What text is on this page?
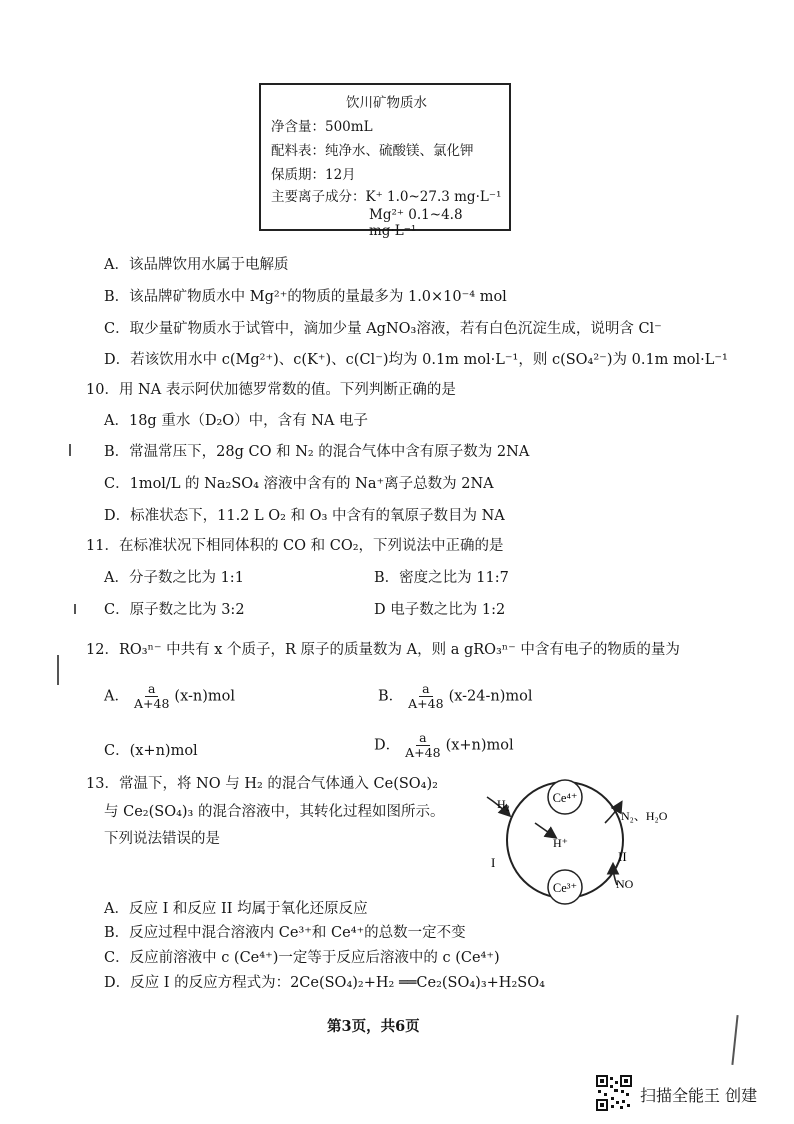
饮川矿物质水
净含量：500mL
配料表：纯净水、硫酸镁、氯化钾
保质期：12月
主要离子成分：K⁺ 1.0~27.3 mg·L⁻¹
Mg²⁺ 0.1~4.8 mg·L⁻¹
A．该品牌饮用水属于电解质
B．该品牌矿物质水中 Mg²⁺的物质的量最多为 1.0×10⁻⁴ mol
C．取少量矿物质水于试管中，滴加少量 AgNO₃溶液，若有白色沉淀生成，说明含 Cl⁻
D．若该饮用水中 c(Mg²⁺)、c(K⁺)、c(Cl⁻)均为 0.1m mol·L⁻¹，则 c(SO₄²⁻)为 0.1m mol·L⁻¹
10．用 NA 表示阿伏加德罗常数的值。下列判断正确的是
A．18g 重水（D₂O）中，含有 NA 电子
B．常温常压下，28g CO 和 N₂ 的混合气体中含有原子数为 2NA
C．1mol/L 的 Na₂SO₄ 溶液中含有的 Na⁺离子总数为 2NA
D．标准状态下，11.2 L O₂ 和 O₃ 中含有的氧原子数目为 NA
11．在标准状况下相同体积的 CO 和 CO₂，下列说法中正确的是
A．分子数之比为 1:1	B．密度之比为 11:7
C．原子数之比为 3:2	D 电子数之比为 1:2
12．RO₃ⁿ⁻ 中共有 x 个质子，R 原子的质量数为 A，则 a gRO₃ⁿ⁻ 中含有电子的物质的量为
A． $\frac{a}{A+48} (x-n)mol$	B． $\frac{a}{A+48} (x-24-n)mol$
C．(x+n)mol	D． $\frac{a}{A+48} (x+n)mol$
13．常温下，将 NO 与 H₂ 的混合气体通入 Ce(SO₄)₂
与 Ce₂(SO₄)₃ 的混合溶液中，其转化过程如图所示。
下列说法错误的是
Ce⁴⁺
Ce³⁺
H₂
H⁺
N₂、H₂O
NO
I	II
A．反应 I 和反应 II 均属于氧化还原反应
B．反应过程中混合溶液内 Ce³⁺和 Ce⁴⁺的总数一定不变
C．反应前溶液中 c (Ce⁴⁺)一定等于反应后溶液中的 c (Ce⁴⁺)
D．反应 I 的反应方程式为：2Ce(SO₄)₂+H₂ ══Ce₂(SO₄)₃+H₂SO₄
第3页，共6页
扫描全能王 创建
